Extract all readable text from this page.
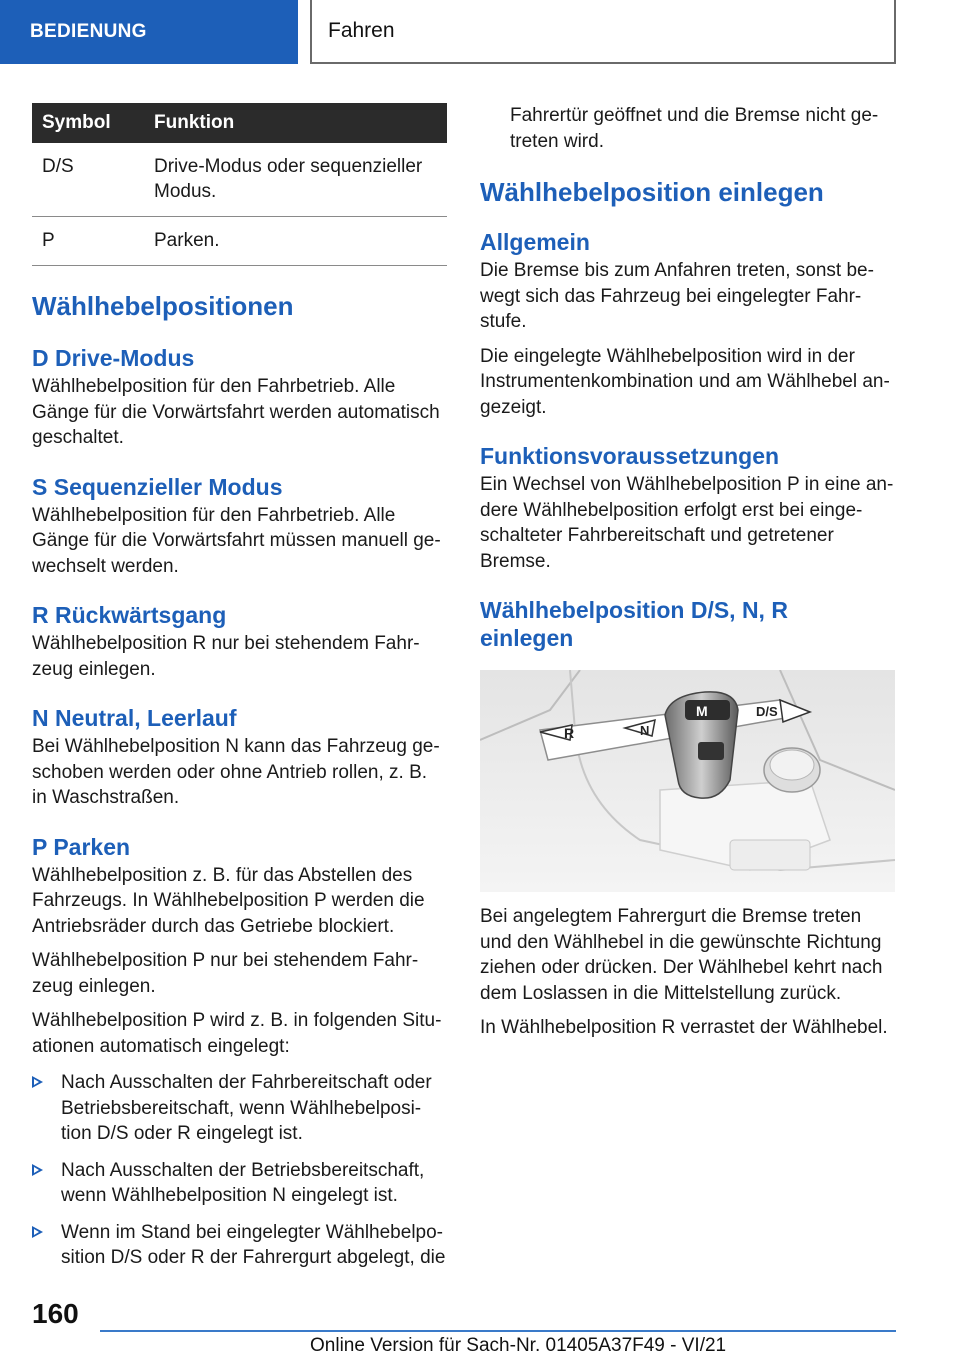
BEDIENUNG	Fahren
Symbol	Funktion
D/S	Drive-Modus oder sequenzieller Modus.
P	Parken.
Wählhebelpositionen
D Drive-Modus

Wählhebelposition für den Fahrbetrieb. Alle Gänge für die Vorwärtsfahrt werden automatisch geschaltet.

S Sequenzieller Modus

Wählhebelposition für den Fahrbetrieb. Alle Gänge für die Vorwärtsfahrt müssen manuell ge-wechselt werden.

R Rückwärtsgang

Wählhebelposition R nur bei stehendem Fahr-zeug einlegen.

N Neutral, Leerlauf

Bei Wählhebelposition N kann das Fahrzeug ge-schoben werden oder ohne Antrieb rollen, z. B. in Waschstraßen.

P Parken

Wählhebelposition z. B. für das Abstellen des Fahrzeugs. In Wählhebelposition P werden die Antriebsräder durch das Getriebe blockiert.

Wählhebelposition P nur bei stehendem Fahr-zeug einlegen.

Wählhebelposition P wird z. B. in folgenden Situ-ationen automatisch eingelegt:

Nach Ausschalten der Fahrbereitschaft oder Betriebsbereitschaft, wenn Wählhebelposi-tion D/S oder R eingelegt ist.
Nach Ausschalten der Betriebsbereitschaft, wenn Wählhebelposition N eingelegt ist.
Wenn im Stand bei eingelegter Wählhebelpo-sition D/S oder R der Fahrergurt abgelegt, die

Fahrertür geöffnet und die Bremse nicht ge-treten wird.

Wählhebelposition einlegen
Allgemein

Die Bremse bis zum Anfahren treten, sonst be-wegt sich das Fahrzeug bei eingelegter Fahr-stufe.

Die eingelegte Wählhebelposition wird in der Instrumentenkombination und am Wählhebel an-gezeigt.

Funktionsvoraussetzungen

Ein Wechsel von Wählhebelposition P in eine an-dere Wählhebelposition erfolgt erst bei einge-schalteter Fahrbereitschaft und getretener Bremse.

Wählhebelposition D/S, N, R einlegen
R	N
D/S
M

Bei angelegtem Fahrergurt die Bremse treten und den Wählhebel in die gewünschte Richtung ziehen oder drücken. Der Wählhebel kehrt nach dem Loslassen in die Mittelstellung zurück.

In Wählhebelposition R verrastet der Wählhebel.

160
Online Version für Sach-Nr. 01405A37F49 - VI/21
